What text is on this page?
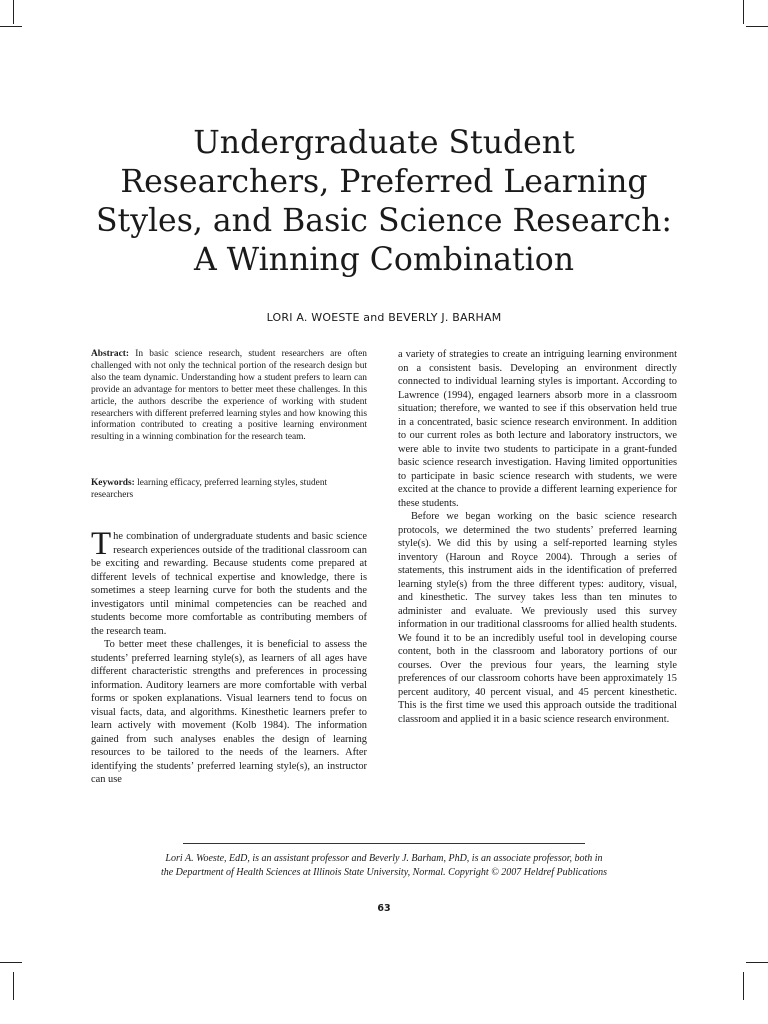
Undergraduate Student
Researchers, Preferred Learning
Styles, and Basic Science Research:
A Winning Combination
LORI A. WOESTE and BEVERLY J. BARHAM
Abstract: In basic science research, student researchers are often challenged with not only the technical portion of the research design but also the team dynamic. Understanding how a student prefers to learn can provide an advantage for mentors to better meet these challenges. In this article, the authors describe the experience of working with student researchers with different preferred learning styles and how knowing this information contributed to creating a positive learning environment resulting in a winning combination for the research team.
Keywords: learning efficacy, preferred learning styles, student researchers

The combination of undergraduate students and basic science research experiences outside of the traditional classroom can be exciting and rewarding. Because students come prepared at different levels of technical expertise and knowledge, there is sometimes a steep learning curve for both the students and the investigators until minimal competencies can be reached and students become more comfortable as contributing members of the research team.

To better meet these challenges, it is beneficial to assess the students’ preferred learning style(s), as learners of all ages have different characteristic strengths and preferences in processing information. Auditory learners are more comfortable with verbal forms or spoken explanations. Visual learners tend to focus on visual facts, data, and algorithms. Kinesthetic learners prefer to learn actively with movement (Kolb 1984). The information gained from such analyses enables the design of learning resources to be tailored to the needs of the learners. After identifying the students’ preferred learning style(s), an instructor can use

a variety of strategies to create an intriguing learning environment on a consistent basis. Developing an environment directly connected to individual learning styles is important. According to Lawrence (1994), engaged learners absorb more in a classroom situation; therefore, we wanted to see if this observation held true in a concentrated, basic science research environment. In addition to our current roles as both lecture and laboratory instructors, we were able to invite two students to participate in a grant-funded basic science research investigation. Having limited opportunities to participate in basic science research with students, we were excited at the chance to provide a different learning experience for these students.

Before we began working on the basic science research protocols, we determined the two students’ preferred learning style(s). We did this by using a self-reported learning styles inventory (Haroun and Royce 2004). Through a series of statements, this instrument aids in the identification of preferred learning style(s) from the three different types: auditory, visual, and kinesthetic. The survey takes less than ten minutes to administer and evaluate. We previously used this survey information in our traditional classrooms for allied health students. We found it to be an incredibly useful tool in developing course content, both in the classroom and laboratory portions of our courses. Over the previous four years, the learning style preferences of our classroom cohorts have been approximately 15 percent auditory, 40 percent visual, and 45 percent kinesthetic. This is the first time we used this approach outside the traditional classroom and applied it in a basic science research environment.

Lori A. Woeste, EdD, is an assistant professor and Beverly J. Barham, PhD, is an associate professor, both in the Department of Health Sciences at Illinois State University, Normal. Copyright © 2007 Heldref Publications
63
